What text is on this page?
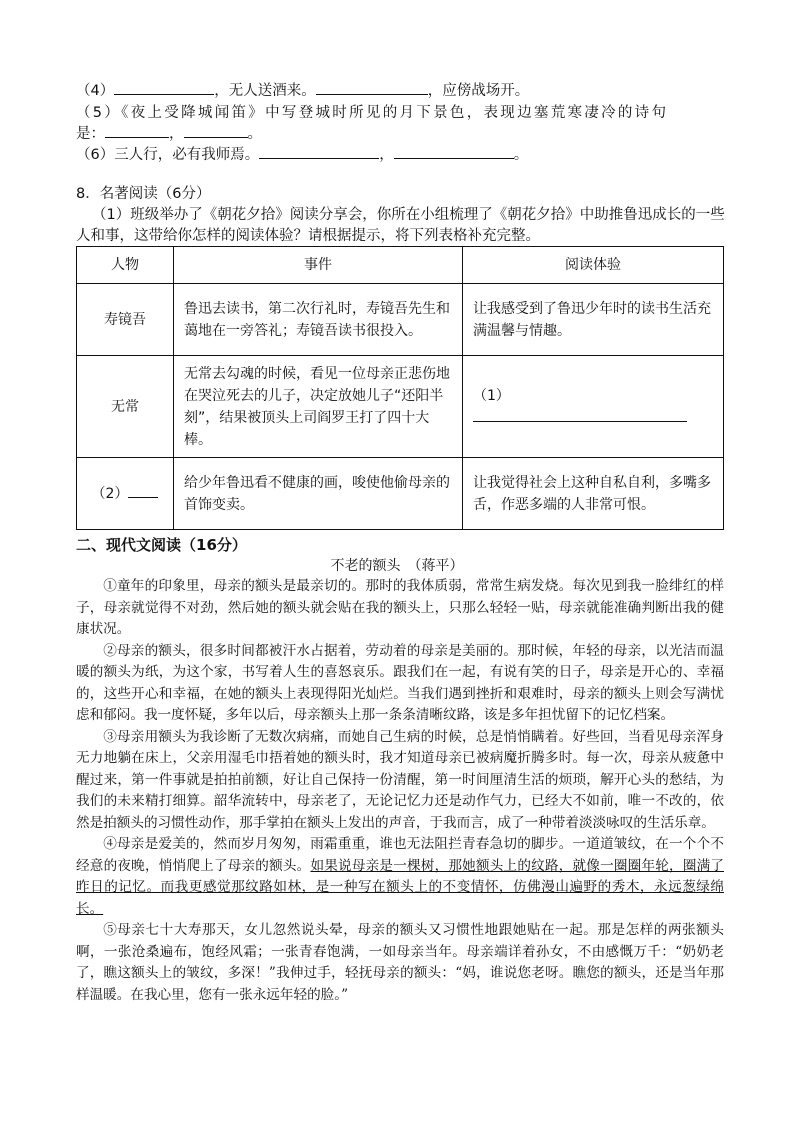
（4）	，无人送酒来。	，应傍战场开。
（5）《夜上受降城闻笛》中写登城时所见的月下景色，表现边塞荒寒凄冷的诗句
是：	，	。
（6）三人行，必有我师焉。	，	。
8．名著阅读（6分）
（1）班级举办了《朝花夕拾》阅读分享会，你所在小组梳理了《朝花夕拾》中助推鲁迅成长的一些
人和事，这带给你怎样的阅读体验？请根据提示，将下列表格补充完整。
人物	事件	阅读体验
寿镜吾	鲁迅去读书，第二次行礼时，寿镜吾先生和蔼地在一旁答礼；寿镜吾读书很投入。	让我感受到了鲁迅少年时的读书生活充满温馨与情趣。
无常	无常去勾魂的时候，看见一位母亲正悲伤地在哭泣死去的儿子，决定放她儿子“还阳半刻”，结果被顶头上司阎罗王打了四十大棒。	（1）
（2）	给少年鲁迅看不健康的画，唆使他偷母亲的首饰变卖。	让我觉得社会上这种自私自利，多嘴多舌，作恶多端的人非常可恨。
二、现代文阅读（16分）
不老的额头　（蒋平）

①童年的印象里，母亲的额头是最亲切的。那时的我体质弱，常常生病发烧。每次见到我一脸绯红的样子，母亲就觉得不对劲，然后她的额头就会贴在我的额头上，只那么轻轻一贴，母亲就能准确判断出我的健康状况。

②母亲的额头，很多时间都被汗水占据着，劳动着的母亲是美丽的。那时候，年轻的母亲，以光洁而温暖的额头为纸，为这个家，书写着人生的喜怒哀乐。跟我们在一起，有说有笑的日子，母亲是开心的、幸福的，这些开心和幸福，在她的额头上表现得阳光灿烂。当我们遇到挫折和艰难时，母亲的额头上则会写满忧虑和郁闷。我一度怀疑，多年以后，母亲额头上那一条条清晰纹路，该是多年担忧留下的记忆档案。

③母亲用额头为我诊断了无数次病痛，而她自己生病的时候，总是悄悄瞒着。好些回，当看见母亲浑身无力地躺在床上，父亲用湿毛巾捂着她的额头时，我才知道母亲已被病魔折腾多时。每一次，母亲从疲惫中醒过来，第一件事就是拍拍前额，好让自己保持一份清醒，第一时间厘清生活的烦琐，解开心头的愁结，为我们的未来精打细算。韶华流转中，母亲老了，无论记忆力还是动作气力，已经大不如前，唯一不改的，依然是拍额头的习惯性动作，那手掌拍在额头上发出的声音，于我而言，成了一种带着淡淡咏叹的生活乐章。

④母亲是爱美的，然而岁月匆匆，雨霜重重，谁也无法阻拦青春急切的脚步。一道道皱纹，在一个个不经意的夜晚，悄悄爬上了母亲的额头。如果说母亲是一棵树，那她额头上的纹路，就像一圈圈年轮，圈满了昨日的记忆。而我更感觉那纹路如林，是一种写在额头上的不变情怀，仿佛漫山遍野的秀木，永远葱绿绵长。

⑤母亲七十大寿那天，女儿忽然说头晕，母亲的额头又习惯性地跟她贴在一起。那是怎样的两张额头啊，一张沧桑遍布，饱经风霜；一张青春饱满，一如母亲当年。母亲端详着孙女，不由感慨万千：“奶奶老了，瞧这额头上的皱纹，多深！”我伸过手，轻抚母亲的额头：“妈，谁说您老呀。瞧您的额头，还是当年那样温暖。在我心里，您有一张永远年轻的脸。”
